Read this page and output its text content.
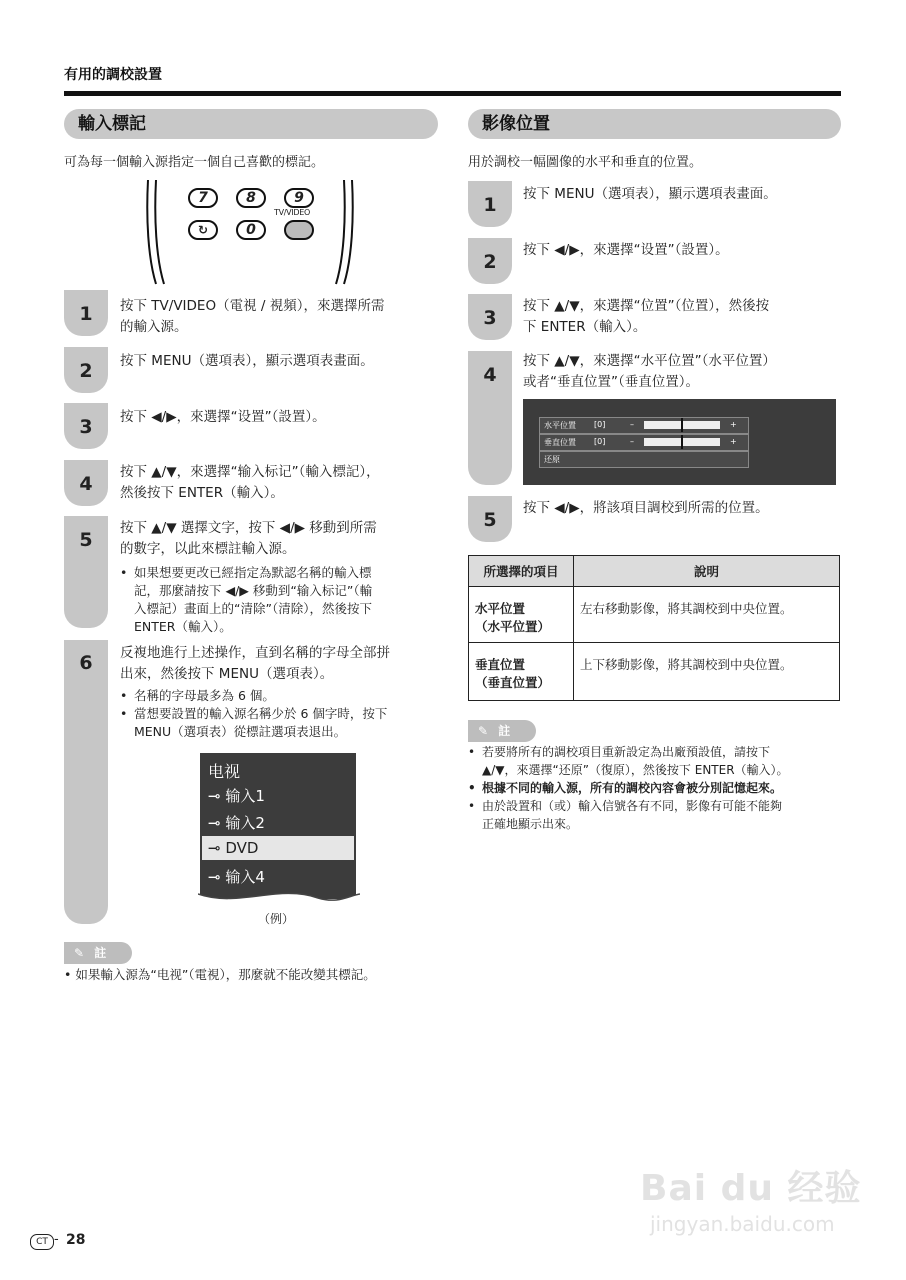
有用的調校設置
輸入標記
可為每一個輸入源指定一個自己喜歡的標記。
7	8	9
↻	0
TV/VIDEO
1
2
3
4
5
6
按下 TV/VIDEO（電視 / 視頻），來選擇所需
的輸入源。
按下 MENU（選項表），顯示選項表畫面。
按下 ◀/▶，來選擇“设置”（設置）。
按下 ▲/▼，來選擇“输入标记”（輸入標記），
然後按下 ENTER（輸入）。
按下 ▲/▼ 選擇文字，按下 ◀/▶ 移動到所需
的數字，以此來標註輸入源。
• 如果想要更改已經指定為默認名稱的輸入標
記，那麼請按下 ◀/▶ 移動到“输入标记”（輸
入標記）畫面上的“清除”（清除），然後按下
ENTER（輸入）。
反複地進行上述操作，直到名稱的字母全部拼
出來，然後按下 MENU（選項表）。
• 名稱的字母最多為 6 個。
• 當想要設置的輸入源名稱少於 6 個字時，按下
MENU（選項表）從標註選項表退出。
电视
⊸ 输入1
⊸ 输入2
⊸ DVD
⊸ 输入4
（例）
✎ 註
• 如果輸入源為“电视”（電視），那麼就不能改變其標記。
影像位置
用於調校一幅圖像的水平和垂直的位置。
1
2
3
4
5
按下 MENU（選項表），顯示選項表畫面。
按下 ◀/▶，來選擇“设置”（設置）。
按下 ▲/▼，來選擇“位置”（位置），然後按
下 ENTER（輸入）。
按下 ▲/▼，來選擇“水平位置”（水平位置）
或者“垂直位置”（垂直位置）。
水平位置 [0]	–	+
垂直位置 [0]	–	+
还原
按下 ◀/▶，將該項目調校到所需的位置。
所選擇的項目	說明

水平位置
（水平位置）	左右移動影像，將其調校到中央位置。

垂直位置
（垂直位置）	上下移動影像，將其調校到中央位置。
✎ 註
• 若要將所有的調校項目重新設定為出廠預設值，請按下
▲/▼，來選擇“还原”（復原），然後按下 ENTER（輸入）。
• 根據不同的輸入源，所有的調校內容會被分別記憶起來。
• 由於設置和（或）輸入信號各有不同，影像有可能不能夠
正確地顯示出來。
Bai du 经验
jingyan.baidu.com
CT - 28
